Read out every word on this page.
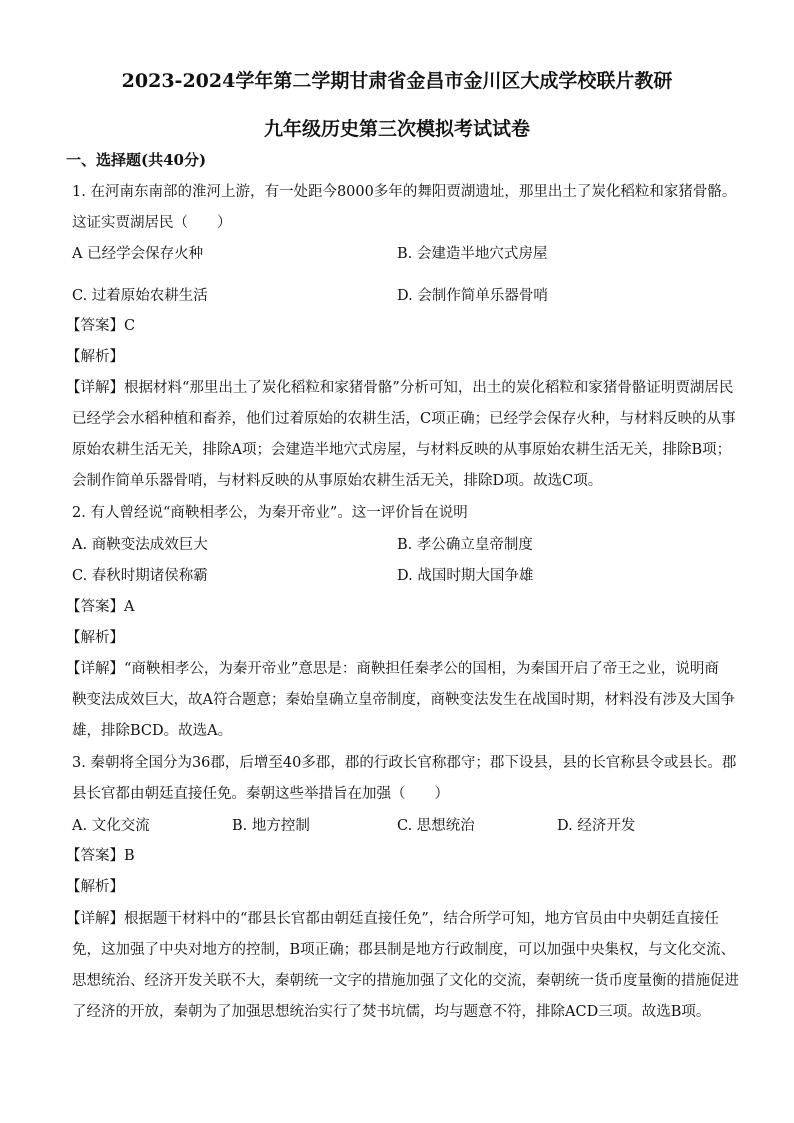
2023-2024学年第二学期甘肃省金昌市金川区大成学校联片教研
九年级历史第三次模拟考试试卷
一、选择题(共40分)
1. 在河南东南部的淮河上游，有一处距今8000多年的舞阳贾湖遗址，那里出土了炭化稻粒和家猪骨骼。
这证实贾湖居民（　　）
A 已经学会保存火种	B. 会建造半地穴式房屋
C. 过着原始农耕生活	D. 会制作简单乐器骨哨
【答案】C
【解析】
【详解】根据材料“那里出土了炭化稻粒和家猪骨骼”分析可知，出土的炭化稻粒和家猪骨骼证明贾湖居民
已经学会水稻种植和畜养，他们过着原始的农耕生活，C项正确；已经学会保存火种，与材料反映的从事
原始农耕生活无关，排除A项；会建造半地穴式房屋，与材料反映的从事原始农耕生活无关，排除B项；
会制作简单乐器骨哨，与材料反映的从事原始农耕生活无关，排除D项。故选C项。
2. 有人曾经说“商鞅相孝公，为秦开帝业”。这一评价旨在说明
A. 商鞅变法成效巨大	B. 孝公确立皇帝制度
C. 春秋时期诸侯称霸	D. 战国时期大国争雄
【答案】A
【解析】
【详解】“商鞅相孝公，为秦开帝业”意思是：商鞅担任秦孝公的国相，为秦国开启了帝王之业，说明商
鞅变法成效巨大，故A符合题意；秦始皇确立皇帝制度，商鞅变法发生在战国时期，材料没有涉及大国争
雄，排除BCD。故选A。
3. 秦朝将全国分为36郡，后增至40多郡，郡的行政长官称郡守；郡下设县，县的长官称县令或县长。郡
县长官都由朝廷直接任免。秦朝这些举措旨在加强（　　）
A. 文化交流	B. 地方控制	C. 思想统治	D. 经济开发
【答案】B
【解析】
【详解】根据题干材料中的“郡县长官都由朝廷直接任免”，结合所学可知，地方官员由中央朝廷直接任
免，这加强了中央对地方的控制，B项正确；郡县制是地方行政制度，可以加强中央集权，与文化交流、
思想统治、经济开发关联不大，秦朝统一文字的措施加强了文化的交流，秦朝统一货币度量衡的措施促进
了经济的开放，秦朝为了加强思想统治实行了焚书坑儒，均与题意不符，排除ACD三项。故选B项。
